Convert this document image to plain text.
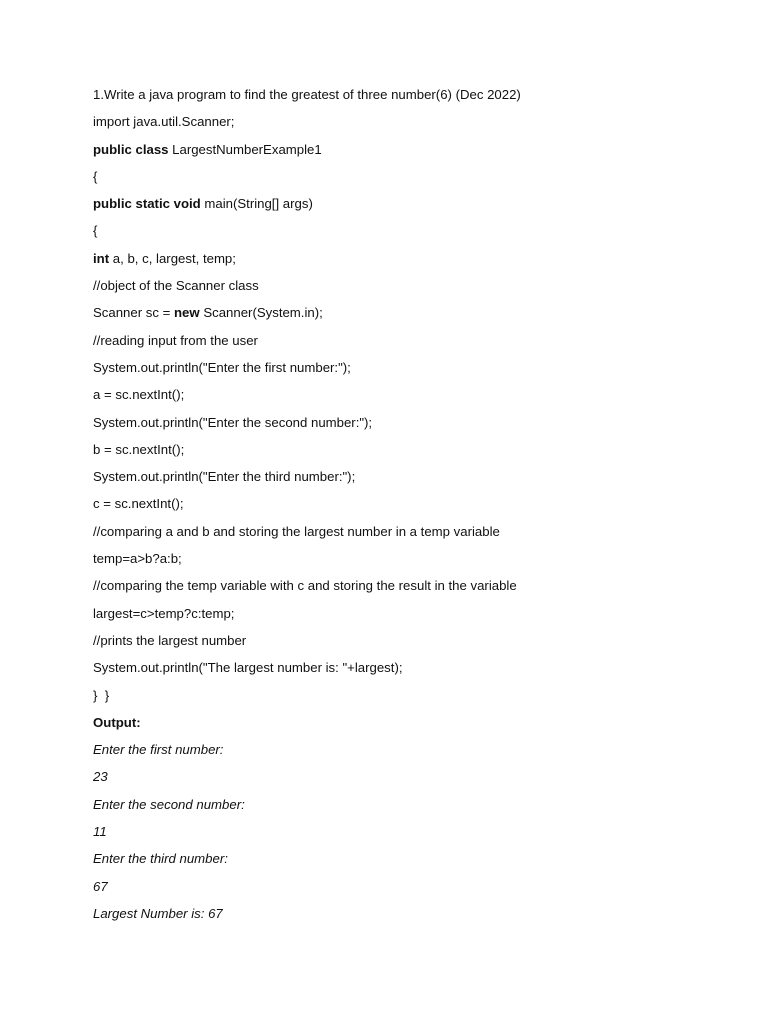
1.Write a java program to find the greatest of three number(6) (Dec 2022)
import java.util.Scanner;
public class LargestNumberExample1
{
public static void main(String[] args)
{
int a, b, c, largest, temp;
//object of the Scanner class
Scanner sc = new Scanner(System.in);
//reading input from the user
System.out.println("Enter the first number:");
a = sc.nextInt();
System.out.println("Enter the second number:");
b = sc.nextInt();
System.out.println("Enter the third number:");
c = sc.nextInt();
//comparing a and b and storing the largest number in a temp variable
temp=a>b?a:b;
//comparing the temp variable with c and storing the result in the variable
largest=c>temp?c:temp;
//prints the largest number
System.out.println("The largest number is: "+largest);
}  }
Output:
Enter the first number:
23
Enter the second number:
11
Enter the third number:
67
Largest Number is: 67
